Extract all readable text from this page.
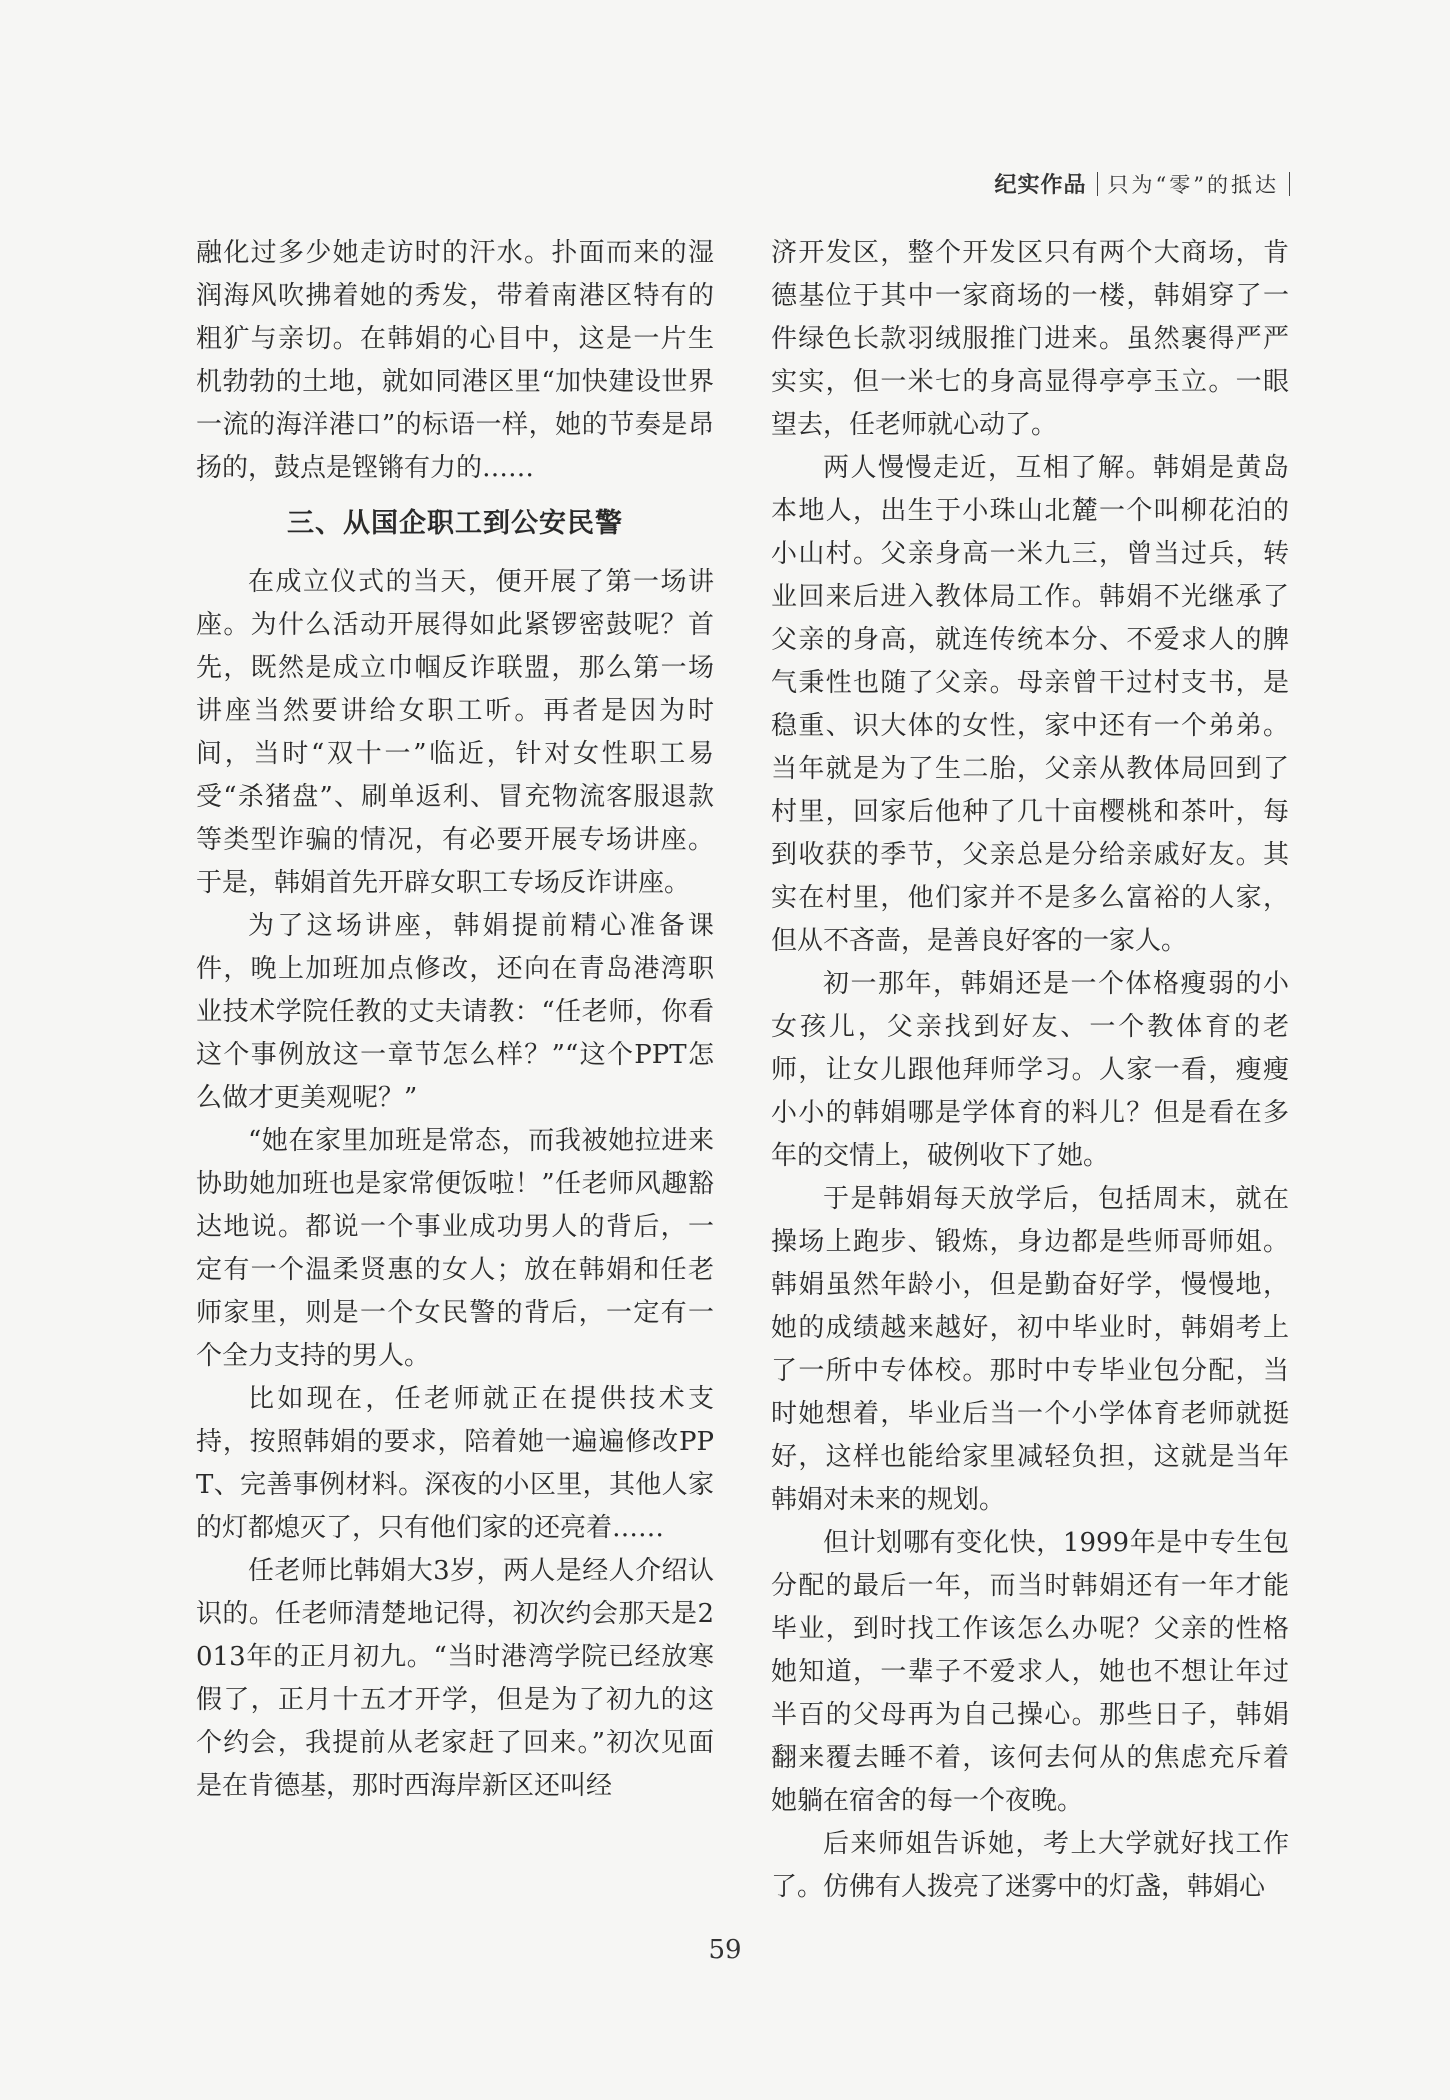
纪实作品 只为“零”的抵达

融化过多少她走访时的汗水。扑面而来的湿润海风吹拂着她的秀发，带着南港区特有的粗犷与亲切。在韩娟的心目中，这是一片生机勃勃的土地，就如同港区里“加快建设世界一流的海洋港口”的标语一样，她的节奏是昂扬的，鼓点是铿锵有力的……

三、从国企职工到公安民警

在成立仪式的当天，便开展了第一场讲座。为什么活动开展得如此紧锣密鼓呢？首先，既然是成立巾帼反诈联盟，那么第一场讲座当然要讲给女职工听。再者是因为时间，当时“双十一”临近，针对女性职工易受“杀猪盘”、刷单返利、冒充物流客服退款等类型诈骗的情况，有必要开展专场讲座。于是，韩娟首先开辟女职工专场反诈讲座。

为了这场讲座，韩娟提前精心准备课件，晚上加班加点修改，还向在青岛港湾职业技术学院任教的丈夫请教：“任老师，你看这个事例放这一章节怎么样？”“这个PPT怎么做才更美观呢？”

“她在家里加班是常态，而我被她拉进来协助她加班也是家常便饭啦！”任老师风趣豁达地说。都说一个事业成功男人的背后，一定有一个温柔贤惠的女人；放在韩娟和任老师家里，则是一个女民警的背后，一定有一个全力支持的男人。

比如现在，任老师就正在提供技术支持，按照韩娟的要求，陪着她一遍遍修改PPT、完善事例材料。深夜的小区里，其他人家的灯都熄灭了，只有他们家的还亮着……

任老师比韩娟大3岁，两人是经人介绍认识的。任老师清楚地记得，初次约会那天是2013年的正月初九。“当时港湾学院已经放寒假了，正月十五才开学，但是为了初九的这个约会，我提前从老家赶了回来。”初次见面是在肯德基，那时西海岸新区还叫经

济开发区，整个开发区只有两个大商场，肯德基位于其中一家商场的一楼，韩娟穿了一件绿色长款羽绒服推门进来。虽然裹得严严实实，但一米七的身高显得亭亭玉立。一眼望去，任老师就心动了。

两人慢慢走近，互相了解。韩娟是黄岛本地人，出生于小珠山北麓一个叫柳花泊的小山村。父亲身高一米九三，曾当过兵，转业回来后进入教体局工作。韩娟不光继承了父亲的身高，就连传统本分、不爱求人的脾气秉性也随了父亲。母亲曾干过村支书，是稳重、识大体的女性，家中还有一个弟弟。当年就是为了生二胎，父亲从教体局回到了村里，回家后他种了几十亩樱桃和茶叶，每到收获的季节，父亲总是分给亲戚好友。其实在村里，他们家并不是多么富裕的人家，但从不吝啬，是善良好客的一家人。

初一那年，韩娟还是一个体格瘦弱的小女孩儿，父亲找到好友、一个教体育的老师，让女儿跟他拜师学习。人家一看，瘦瘦小小的韩娟哪是学体育的料儿？但是看在多年的交情上，破例收下了她。

于是韩娟每天放学后，包括周末，就在操场上跑步、锻炼，身边都是些师哥师姐。韩娟虽然年龄小，但是勤奋好学，慢慢地，她的成绩越来越好，初中毕业时，韩娟考上了一所中专体校。那时中专毕业包分配，当时她想着，毕业后当一个小学体育老师就挺好，这样也能给家里减轻负担，这就是当年韩娟对未来的规划。

但计划哪有变化快，1999年是中专生包分配的最后一年，而当时韩娟还有一年才能毕业，到时找工作该怎么办呢？父亲的性格她知道，一辈子不爱求人，她也不想让年过半百的父母再为自己操心。那些日子，韩娟翻来覆去睡不着，该何去何从的焦虑充斥着她躺在宿舍的每一个夜晚。

后来师姐告诉她，考上大学就好找工作了。仿佛有人拨亮了迷雾中的灯盏，韩娟心

59
